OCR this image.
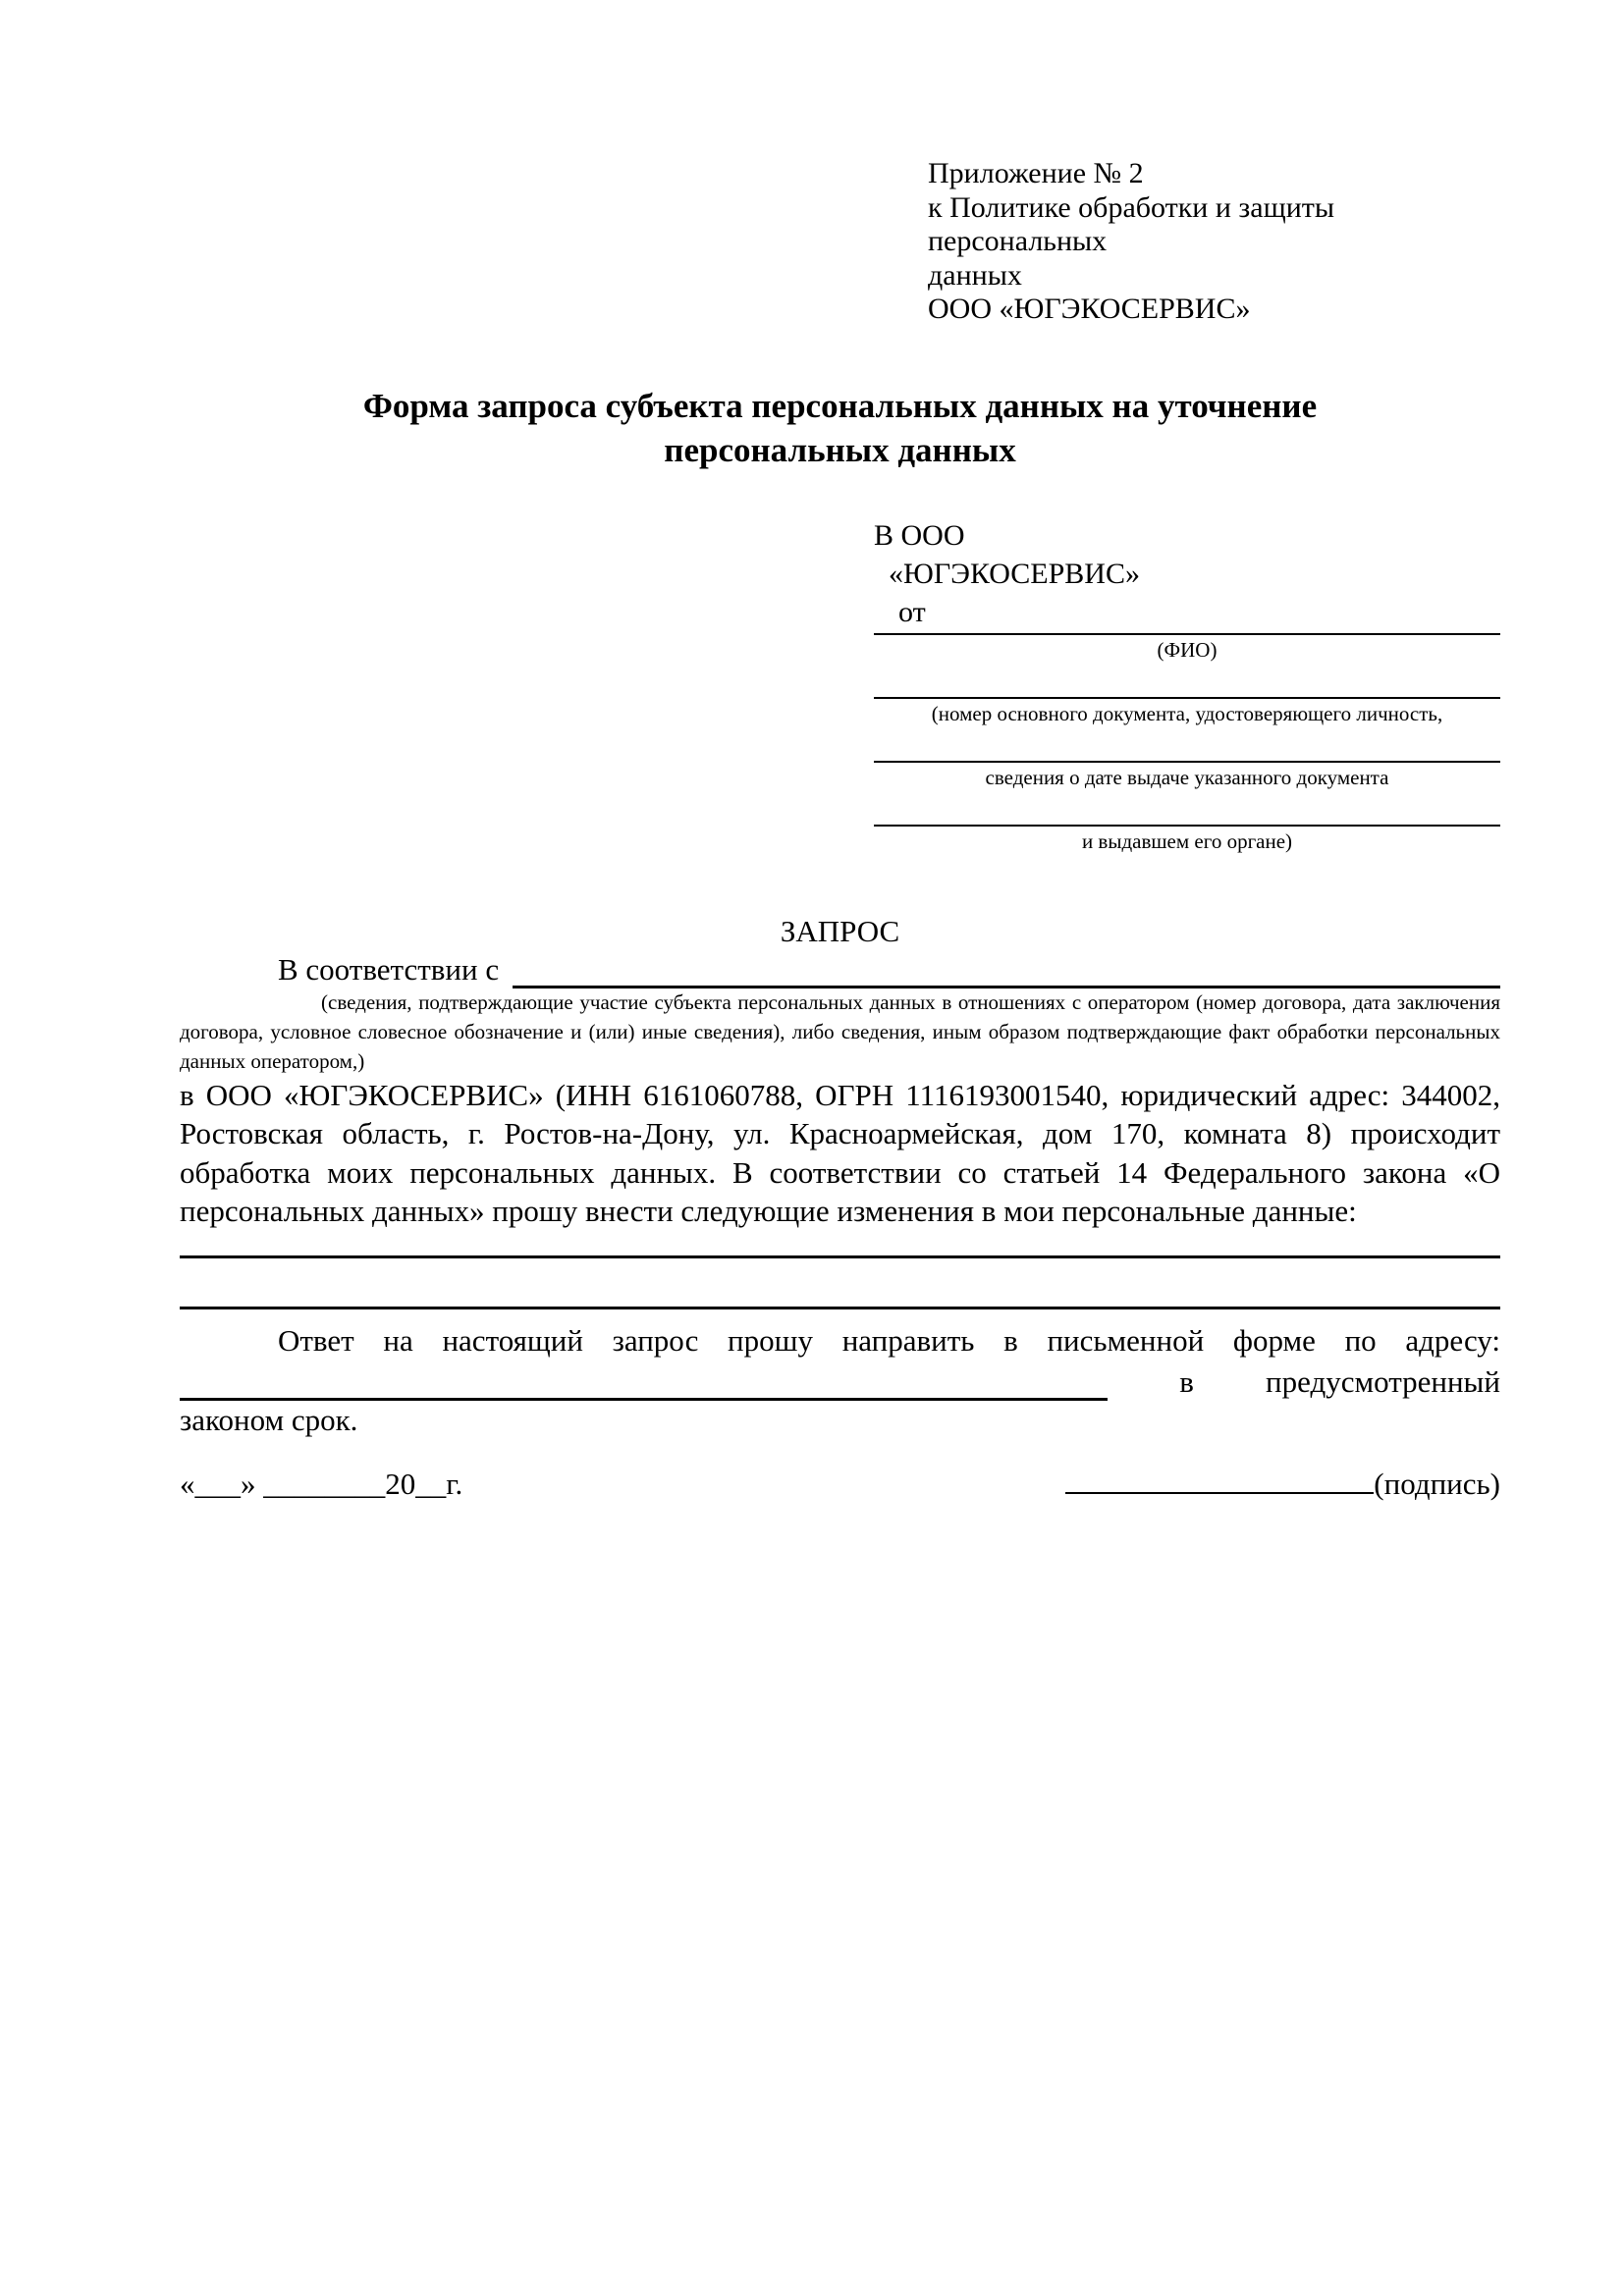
Приложение № 2
к Политике обработки и защиты персональных
данных
ООО «ЮГЭКОСЕРВИС»
Форма запроса субъекта персональных данных на уточнение
персональных данных
В ООО
«ЮГЭКОСЕРВИС»
от
(ФИО)
(номер основного документа, удостоверяющего личность,
сведения о дате выдаче указанного документа
и выдавшем его органе)
ЗАПРОС
В соответствии с
(сведения, подтверждающие участие субъекта персональных данных в отношениях с оператором (номер договора, дата заключения договора, условное словесное обозначение и (или) иные сведения), либо сведения, иным образом подтверждающие факт обработки персональных данных оператором,)
в ООО «ЮГЭКОСЕРВИС» (ИНН 6161060788, ОГРН 1116193001540, юридический адрес: 344002, Ростовская область, г. Ростов-на-Дону, ул. Красноармейская, дом 170, комната 8) происходит обработка моих персональных данных. В соответствии со статьей 14 Федерального закона «О персональных данных» прошу внести следующие изменения в мои персональные данные:
Ответ на настоящий запрос прошу направить в письменной форме по адресу:
в предусмотренный
законом срок.
«___» ________20__г.	(подпись)
